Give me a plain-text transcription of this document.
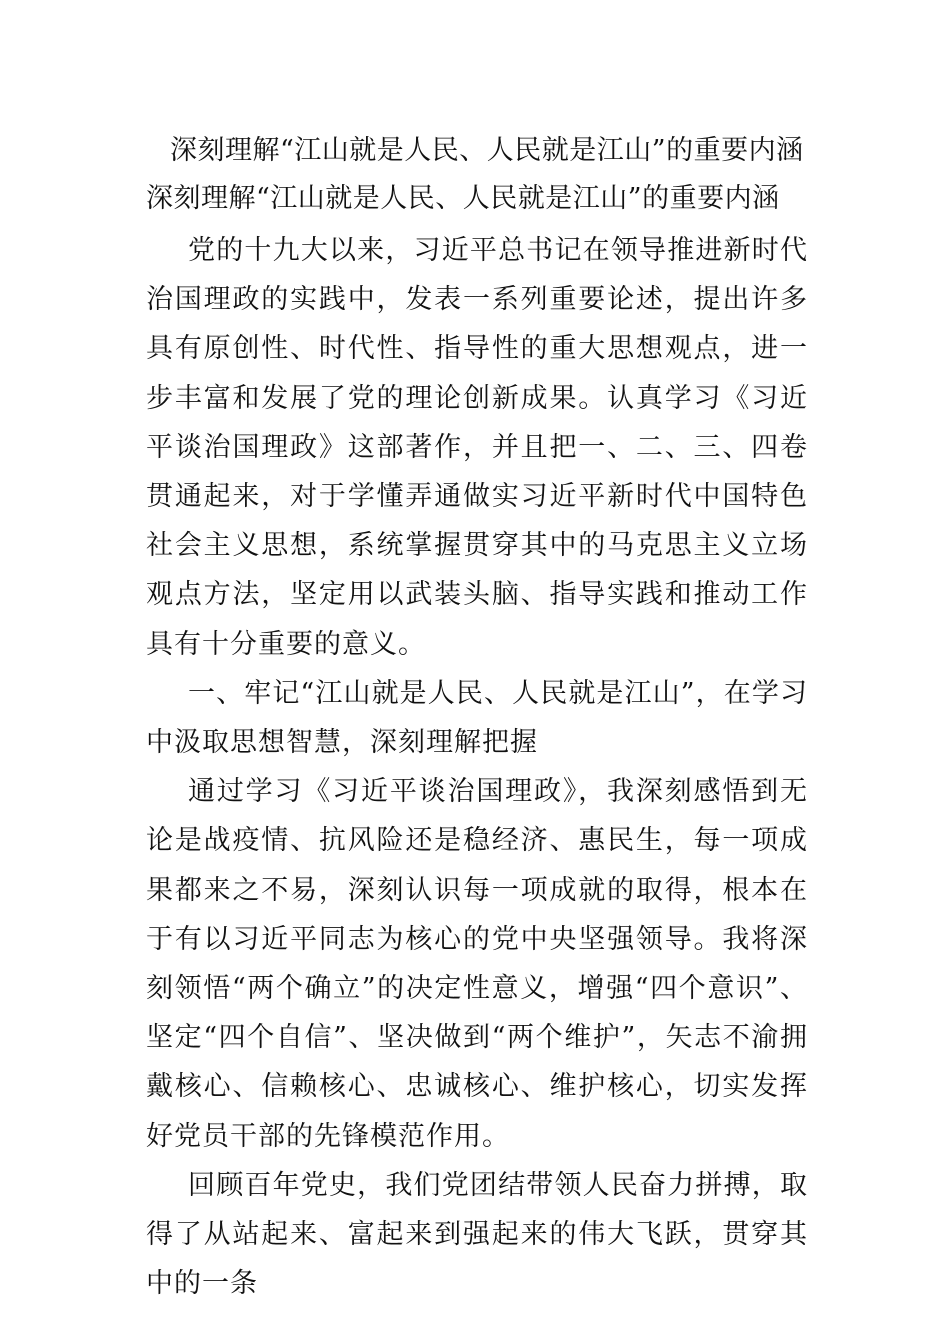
深刻理解“江山就是人民、人民就是江山”的重要内涵
深刻理解“江山就是人民、人民就是江山”的重要内涵

党的十九大以来，习近平总书记在领导推进新时代治国理政的实践中，发表一系列重要论述，提出许多具有原创性、时代性、指导性的重大思想观点，进一步丰富和发展了党的理论创新成果。认真学习《习近平谈治国理政》这部著作，并且把一、二、三、四卷贯通起来，对于学懂弄通做实习近平新时代中国特色社会主义思想，系统掌握贯穿其中的马克思主义立场观点方法，坚定用以武装头脑、指导实践和推动工作具有十分重要的意义。

一、牢记“江山就是人民、人民就是江山”，在学习中汲取思想智慧，深刻理解把握

通过学习《习近平谈治国理政》，我深刻感悟到无论是战疫情、抗风险还是稳经济、惠民生，每一项成果都来之不易，深刻认识每一项成就的取得，根本在于有以习近平同志为核心的党中央坚强领导。我将深刻领悟“两个确立”的决定性意义，增强“四个意识”、坚定“四个自信”、坚决做到“两个维护”，矢志不渝拥戴核心、信赖核心、忠诚核心、维护核心，切实发挥好党员干部的先锋模范作用。

回顾百年党史，我们党团结带领人民奋力拼搏，取得了从站起来、富起来到强起来的伟大飞跃，贯穿其中的一条
